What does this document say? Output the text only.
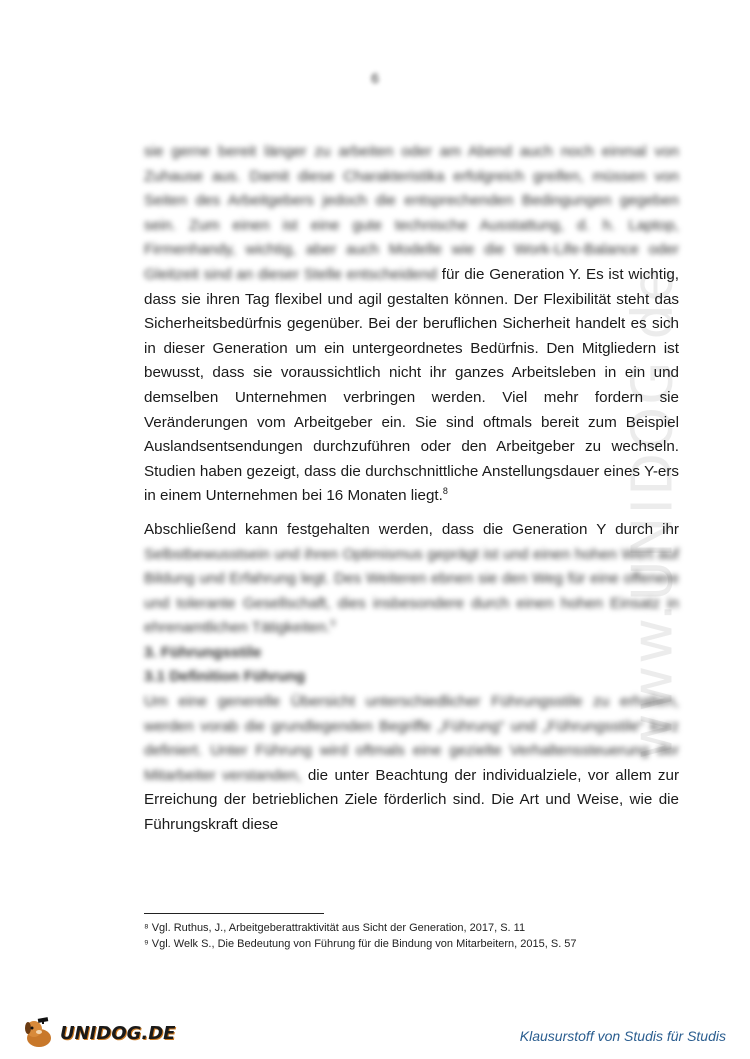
6
www.UNIDOG.de

sie gerne bereit länger zu arbeiten oder am Abend auch noch einmal von Zuhause aus. Damit diese Charakteristika erfolgreich greifen, müssen von Seiten des Arbeitgebers jedoch die entsprechenden Bedingungen gegeben sein. Zum einen ist eine gute technische Ausstattung, d. h. Laptop, Firmenhandy, wichtig, aber auch Modelle wie die Work-Life-Balance oder Gleitzeit sind an dieser Stelle entscheidend für die Generation Y. Es ist wichtig, dass sie ihren Tag flexibel und agil gestalten können. Der Flexibilität steht das Sicherheitsbedürfnis gegenüber. Bei der beruflichen Sicherheit handelt es sich in dieser Generation um ein untergeordnetes Bedürfnis. Den Mitgliedern ist bewusst, dass sie voraussichtlich nicht ihr ganzes Arbeitsleben in ein und demselben Unternehmen verbringen werden. Viel mehr fordern sie Veränderungen vom Arbeitgeber ein. Sie sind oftmals bereit zum Beispiel Auslandsentsendungen durchzuführen oder den Arbeitgeber zu wechseln. Studien haben gezeigt, dass die durchschnittliche Anstellungsdauer eines Y-ers in einem Unternehmen bei 16 Monaten liegt.$^8$

Abschließend kann festgehalten werden, dass die Generation Y durch ihr Selbstbewusstsein und ihren Optimismus geprägt ist und einen hohen Wert auf Bildung und Erfahrung legt. Des Weiteren ebnen sie den Weg für eine offenere und tolerante Gesellschaft, dies insbesondere durch einen hohen Einsatz in ehrenamtlichen Tätigkeiten.$^9$

3. Führungsstile

3.1 Definition Führung

Um eine generelle Übersicht unterschiedlicher Führungsstile zu erhalten, werden vorab die grundlegenden Begriffe „Führung“ und „Führungsstile“ kurz definiert. Unter Führung wird oftmals eine gezielte Verhaltenssteuerung der Mitarbeiter verstanden, die unter Beachtung der individualziele, vor allem zur Erreichung der betrieblichen Ziele förderlich sind. Die Art und Weise, wie die Führungskraft diese

⁸ Vgl. Ruthus, J., Arbeitgeberattraktivität aus Sicht der Generation, 2017, S. 11
⁹ Vgl. Welk S., Die Bedeutung von Führung für die Bindung von Mitarbeitern, 2015, S. 57
UNIDOG.DE	Klausurstoff von Studis für Studis
